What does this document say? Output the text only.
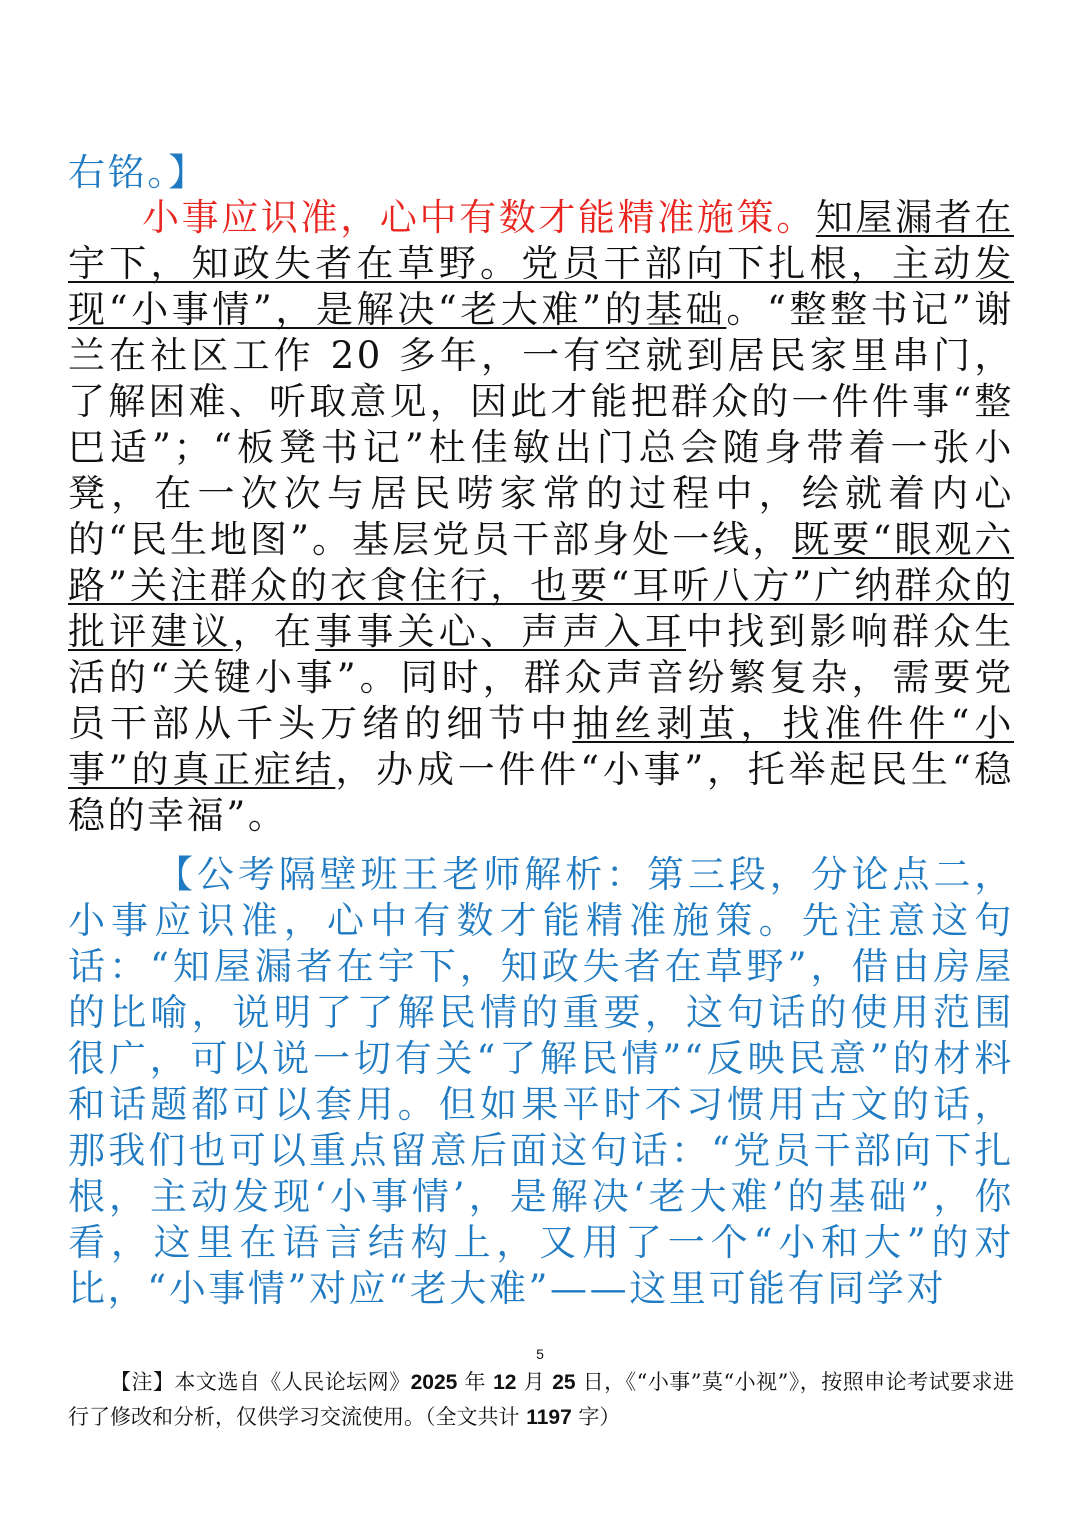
右铭。】

小事应识准，心中有数才能精准施策。知屋漏者在宇下，知政失者在草野。党员干部向下扎根，主动发现“小事情”，是解决“老大难”的基础。“整整书记”谢兰在社区工作 20 多年，一有空就到居民家里串门，了解困难、听取意见，因此才能把群众的一件件事“整巴适”；“板凳书记”杜佳敏出门总会随身带着一张小凳，在一次次与居民唠家常的过程中，绘就着内心的“民生地图”。基层党员干部身处一线，既要“眼观六路”关注群众的衣食住行，也要“耳听八方”广纳群众的批评建议，在事事关心、声声入耳中找到影响群众生活的“关键小事”。同时，群众声音纷繁复杂，需要党员干部从千头万绪的细节中抽丝剥茧，找准件件“小事”的真正症结，办成一件件“小事”，托举起民生“稳稳的幸福”。

【公考隔壁班王老师解析：第三段，分论点二，小事应识准，心中有数才能精准施策。先注意这句话：“知屋漏者在宇下，知政失者在草野”，借由房屋的比喻，说明了了解民情的重要，这句话的使用范围很广，可以说一切有关“了解民情”“反映民意”的材料和话题都可以套用。但如果平时不习惯用古文的话，那我们也可以重点留意后面这句话：“党员干部向下扎根，主动发现‘小事情’，是解决‘老大难’的基础”，你看，这里在语言结构上，又用了一个“小和大”的对比，“小事情”对应“老大难”——这里可能有同学对

5

【注】本文选自《人民论坛网》2025 年 12 月 25 日，《“小事”莫“小视”》，按照申论考试要求进行了修改和分析，仅供学习交流使用。（全文共计 1197 字）
